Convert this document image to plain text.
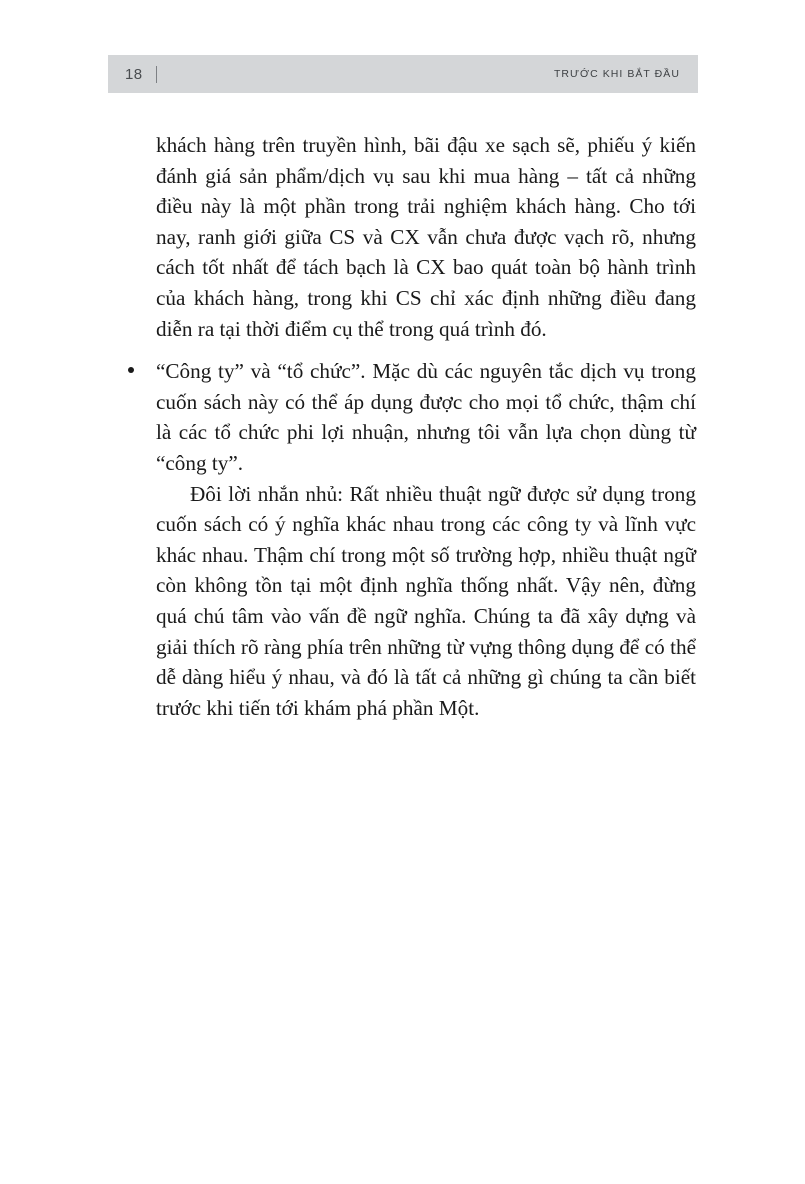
18	TRƯỚC KHI BẮT ĐẦU

khách hàng trên truyền hình, bãi đậu xe sạch sẽ, phiếu ý kiến đánh giá sản phẩm/dịch vụ sau khi mua hàng – tất cả những điều này là một phần trong trải nghiệm khách hàng. Cho tới nay, ranh giới giữa CS và CX vẫn chưa được vạch rõ, nhưng cách tốt nhất để tách bạch là CX bao quát toàn bộ hành trình của khách hàng, trong khi CS chỉ xác định những điều đang diễn ra tại thời điểm cụ thể trong quá trình đó.

“Công ty” và “tổ chức”. Mặc dù các nguyên tắc dịch vụ trong cuốn sách này có thể áp dụng được cho mọi tổ chức, thậm chí là các tổ chức phi lợi nhuận, nhưng tôi vẫn lựa chọn dùng từ “công ty”.

Đôi lời nhắn nhủ: Rất nhiều thuật ngữ được sử dụng trong cuốn sách có ý nghĩa khác nhau trong các công ty và lĩnh vực khác nhau. Thậm chí trong một số trường hợp, nhiều thuật ngữ còn không tồn tại một định nghĩa thống nhất. Vậy nên, đừng quá chú tâm vào vấn đề ngữ nghĩa. Chúng ta đã xây dựng và giải thích rõ ràng phía trên những từ vựng thông dụng để có thể dễ dàng hiểu ý nhau, và đó là tất cả những gì chúng ta cần biết trước khi tiến tới khám phá phần Một.
